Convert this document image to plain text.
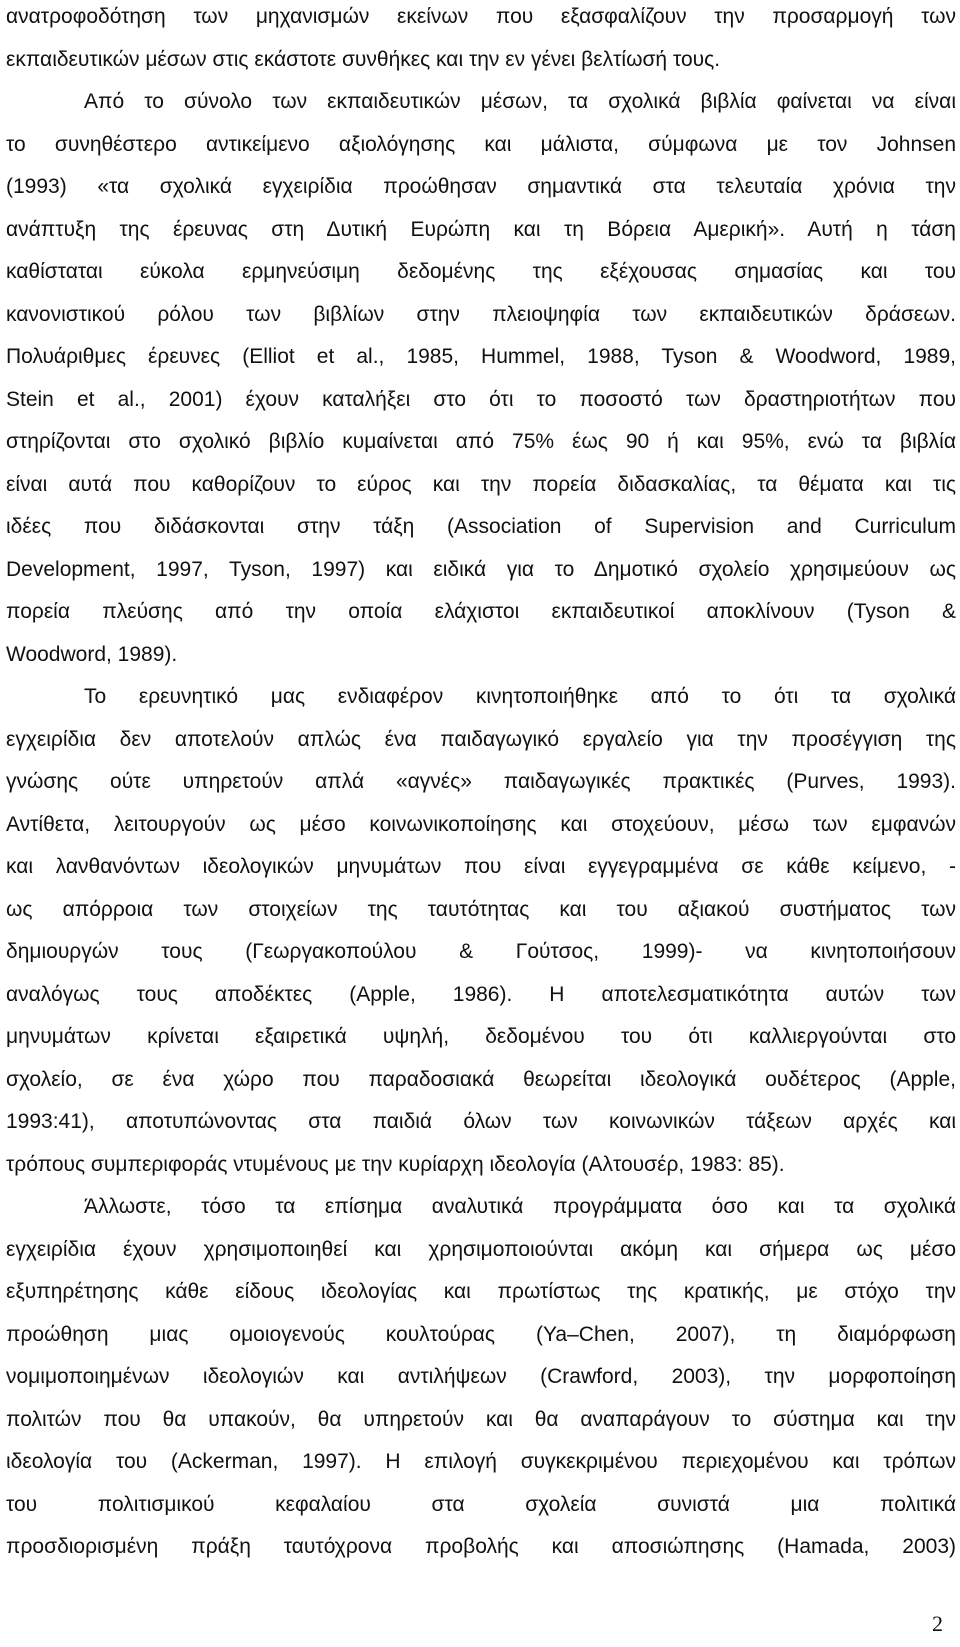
ανατροφοδότηση των μηχανισμών εκείνων που εξασφαλίζουν την προσαρμογή των
εκπαιδευτικών μέσων στις εκάστοτε συνθήκες και την εν γένει βελτίωσή τους.
Από το σύνολο των εκπαιδευτικών μέσων, τα σχολικά βιβλία φαίνεται να είναι
το συνηθέστερο αντικείμενο αξιολόγησης και μάλιστα, σύμφωνα με τον Johnsen
(1993) «τα σχολικά εγχειρίδια προώθησαν σημαντικά στα τελευταία χρόνια την
ανάπτυξη της έρευνας στη Δυτική Ευρώπη και τη Βόρεια Αμερική». Αυτή η τάση
καθίσταται εύκολα ερμηνεύσιμη δεδομένης της εξέχουσας σημασίας και του
κανονιστικού ρόλου των βιβλίων στην πλειοψηφία των εκπαιδευτικών δράσεων.
Πολυάριθμες έρευνες (Elliot et al., 1985, Hummel, 1988, Tyson & Woodword, 1989,
Stein et al., 2001) έχουν καταλήξει στο ότι το ποσοστό των δραστηριοτήτων που
στηρίζονται στο σχολικό βιβλίο κυμαίνεται από 75% έως 90 ή και 95%, ενώ τα βιβλία
είναι αυτά που καθορίζουν το εύρος και την πορεία διδασκαλίας, τα θέματα και τις
ιδέες που διδάσκονται στην τάξη (Association of Supervision and Curriculum
Development, 1997, Tyson, 1997) και ειδικά για το Δημοτικό σχολείο χρησιμεύουν ως
πορεία πλεύσης από την οποία ελάχιστοι εκπαιδευτικοί αποκλίνουν (Tyson &
Woodword, 1989).
Το ερευνητικό μας ενδιαφέρον κινητοποιήθηκε από το ότι τα σχολικά
εγχειρίδια δεν αποτελούν απλώς ένα παιδαγωγικό εργαλείο για την προσέγγιση της
γνώσης ούτε υπηρετούν απλά «αγνές» παιδαγωγικές πρακτικές (Purves, 1993).
Αντίθετα, λειτουργούν ως μέσο κοινωνικοποίησης και στοχεύουν, μέσω των εμφανών
και λανθανόντων ιδεολογικών μηνυμάτων που είναι εγγεγραμμένα σε κάθε κείμενο, -
ως απόρροια των στοιχείων της ταυτότητας και του αξιακού συστήματος των
δημιουργών τους (Γεωργακοπούλου & Γούτσος, 1999)- να κινητοποιήσουν
αναλόγως τους αποδέκτες (Apple, 1986). Η αποτελεσματικότητα αυτών των
μηνυμάτων κρίνεται εξαιρετικά υψηλή, δεδομένου του ότι καλλιεργούνται στο
σχολείο, σε ένα χώρο που παραδοσιακά θεωρείται ιδεολογικά ουδέτερος (Apple,
1993:41), αποτυπώνοντας στα παιδιά όλων των κοινωνικών τάξεων αρχές και
τρόπους συμπεριφοράς ντυμένους με την κυρίαρχη ιδεολογία (Αλτουσέρ, 1983: 85).
Άλλωστε, τόσο τα επίσημα αναλυτικά προγράμματα όσο και τα σχολικά
εγχειρίδια έχουν χρησιμοποιηθεί και χρησιμοποιούνται ακόμη και σήμερα ως μέσο
εξυπηρέτησης κάθε είδους ιδεολογίας και πρωτίστως της κρατικής, με στόχο την
προώθηση μιας ομοιογενούς κουλτούρας (Ya–Chen, 2007), τη διαμόρφωση
νομιμοποιημένων ιδεολογιών και αντιλήψεων (Crawford, 2003), την μορφοποίηση
πολιτών που θα υπακούν, θα υπηρετούν και θα αναπαράγουν το σύστημα και την
ιδεολογία του (Ackerman, 1997). Η επιλογή συγκεκριμένου περιεχομένου και τρόπων
του πολιτισμικού κεφαλαίου στα σχολεία συνιστά μια πολιτικά
προσδιορισμένη πράξη ταυτόχρονα προβολής και αποσιώπησης (Hamada, 2003)
2
